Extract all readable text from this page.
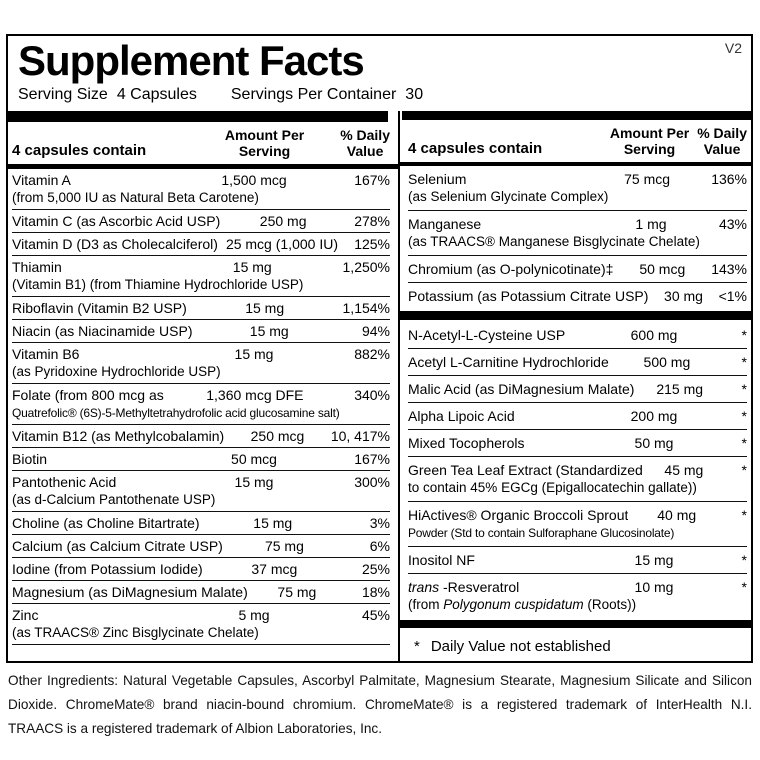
Supplement Facts	V2
Serving Size 4 Capsules Servings Per Container 30
4 capsules contain
Amount Per
Serving
% Daily
Value
Vitamin A	1,500 mcg	167%
(from 5,000 IU as Natural Beta Carotene)
Vitamin C (as Ascorbic Acid USP)	250 mg	278%
Vitamin D (D3 as Cholecalciferol) 25 mcg (1,000 IU)	125%
Thiamin	15 mg	1,250%
(Vitamin B1) (from Thiamine Hydrochloride USP)
Riboflavin (Vitamin B2 USP)	15 mg	1,154%
Niacin (as Niacinamide USP)	15 mg	94%
Vitamin B6	15 mg	882%
(as Pyridoxine Hydrochloride USP)
Folate (from 800 mcg as	1,360 mcg DFE	340%
Quatrefolic® (6S)-5-Methyltetrahydrofolic acid glucosamine salt)
Vitamin B12 (as Methylcobalamin)	250 mcg	10, 417%
Biotin	50 mcg	167%
Pantothenic Acid	15 mg	300%
(as d-Calcium Pantothenate USP)
Choline (as Choline Bitartrate)	15 mg	3%
Calcium (as Calcium Citrate USP)	75 mg	6%
Iodine (from Potassium Iodide)	37 mcg	25%
Magnesium (as DiMagnesium Malate)	75 mg	18%
Zinc	5 mg	45%
(as TRAACS® Zinc Bisglycinate Chelate)
4 capsules contain
Amount Per
Serving
% Daily
Value
Selenium	75 mcg	136%
(as Selenium Glycinate Complex)
Manganese	1 mg	43%
(as TRAACS® Manganese Bisglycinate Chelate)
Chromium (as O-polynicotinate)‡	50 mcg	143%
Potassium (as Potassium Citrate USP)	30 mg	<1%
N-Acetyl-L-Cysteine USP	600 mg	*
Acetyl L-Carnitine Hydrochloride	500 mg	*
Malic Acid (as DiMagnesium Malate)	215 mg	*
Alpha Lipoic Acid	200 mg	*
Mixed Tocopherols	50 mg	*
Green Tea Leaf Extract (Standardized	45 mg	*
to contain 45% EGCg (Epigallocatechin gallate))
HiActives® Organic Broccoli Sprout	40 mg	*
Powder (Std to contain Sulforaphane Glucosinolate)
Inositol NF	15 mg	*
trans -Resveratrol	10 mg	*
(from Polygonum cuspidatum (Roots))
* Daily Value not established
Other Ingredients: Natural Vegetable Capsules, Ascorbyl Palmitate, Magnesium Stearate, Magnesium Silicate and Silicon Dioxide. ChromeMate® brand niacin-bound chromium. ChromeMate® is a registered trademark of InterHealth N.I. TRAACS is a registered trademark of Albion Laboratories, Inc.
